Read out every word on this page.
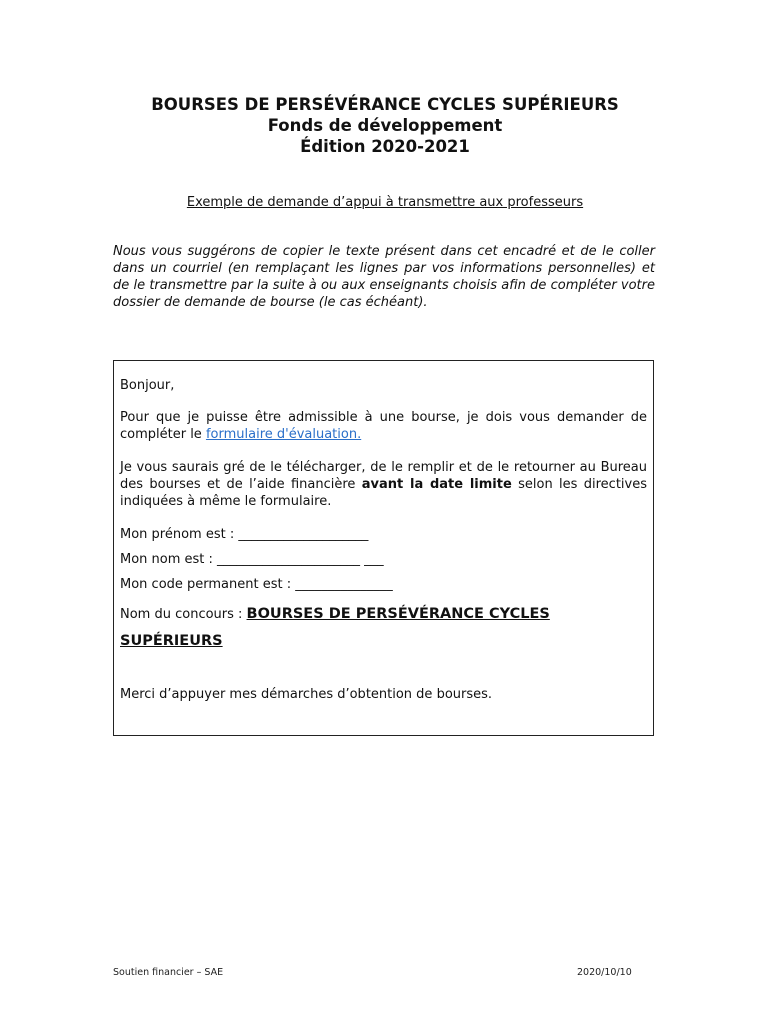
BOURSES DE PERSÉVÉRANCE CYCLES SUPÉRIEURS
Fonds de développement
Édition 2020-2021
Exemple de demande d’appui à transmettre aux professeurs
Nous vous suggérons de copier le texte présent dans cet encadré et de le coller dans un courriel (en remplaçant les lignes par vos informations personnelles) et de le transmettre par la suite à ou aux enseignants choisis afin de compléter votre dossier de demande de bourse (le cas échéant).

Bonjour,

Pour que je puisse être admissible à une bourse, je dois vous demander de compléter le formulaire d'évaluation.

Je vous saurais gré de le télécharger, de le remplir et de le retourner au Bureau des bourses et de l’aide financière avant la date limite selon les directives indiquées à même le formulaire.

Mon prénom est : ____________________

Mon nom est : ______________________ ___

Mon code permanent est : _______________

Nom du concours : BOURSES DE PERSÉVÉRANCE CYCLES SUPÉRIEURS

Merci d’appuyer mes démarches d’obtention de bourses.
Soutien financier – SAE	2020/10/10
